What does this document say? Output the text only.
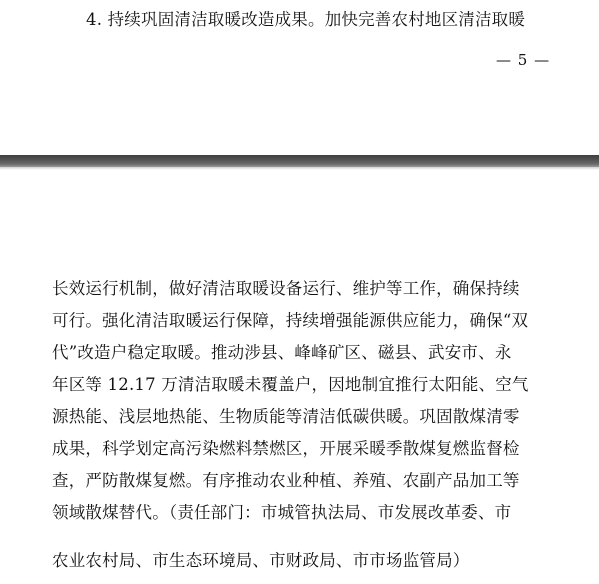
4. 持续巩固清洁取暖改造成果。加快完善农村地区清洁取暖
— 5 —
长效运行机制，做好清洁取暖设备运行、维护等工作，确保持续
可行。强化清洁取暖运行保障，持续增强能源供应能力，确保“双
代”改造户稳定取暖。推动涉县、峰峰矿区、磁县、武安市、永
年区等 12.17 万清洁取暖未覆盖户，因地制宜推行太阳能、空气
源热能、浅层地热能、生物质能等清洁低碳供暖。巩固散煤清零
成果，科学划定高污染燃料禁燃区，开展采暖季散煤复燃监督检
查，严防散煤复燃。有序推动农业种植、养殖、农副产品加工等
领域散煤替代。（责任部门：市城管执法局、市发展改革委、市
农业农村局、市生态环境局、市财政局、市市场监管局）
